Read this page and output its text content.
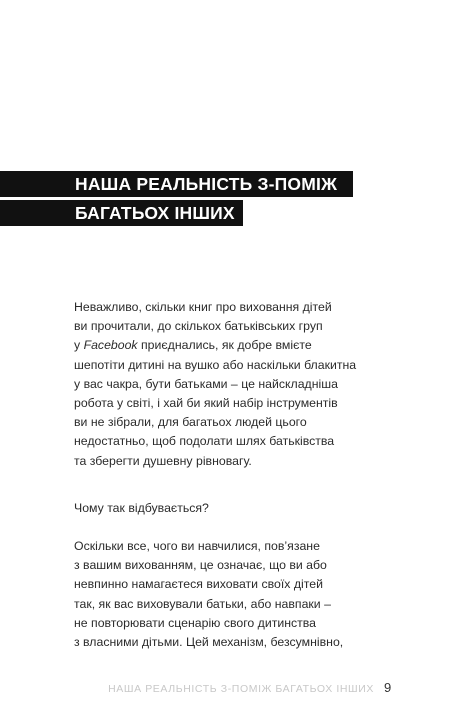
НАША РЕАЛЬНІСТЬ З-ПОМІЖ
БАГАТЬОХ ІНШИХ
Неважливо, скільки книг про виховання дітей
ви прочитали, до скількох батьківських груп
у Facebook приєднались, як добре вмієте
шепотіти дитині на вушко або наскільки блакитна
у вас чакра, бути батьками – це найскладніша
робота у світі, і хай би який набір інструментів
ви не зібрали, для багатьох людей цього
недостатньо, щоб подолати шлях батьківства
та зберегти душевну рівновагу.
Чому так відбувається?
Оскільки все, чого ви навчилися, пов’язане
з вашим вихованням, це означає, що ви або
невпинно намагаєтеся виховати своїх дітей
так, як вас виховували батьки, або навпаки –
не повторювати сценарію свого дитинства
з власними дітьми. Цей механізм, безсумнівно,
НАША РЕАЛЬНІСТЬ З-ПОМІЖ БАГАТЬОХ ІНШИХ 9
